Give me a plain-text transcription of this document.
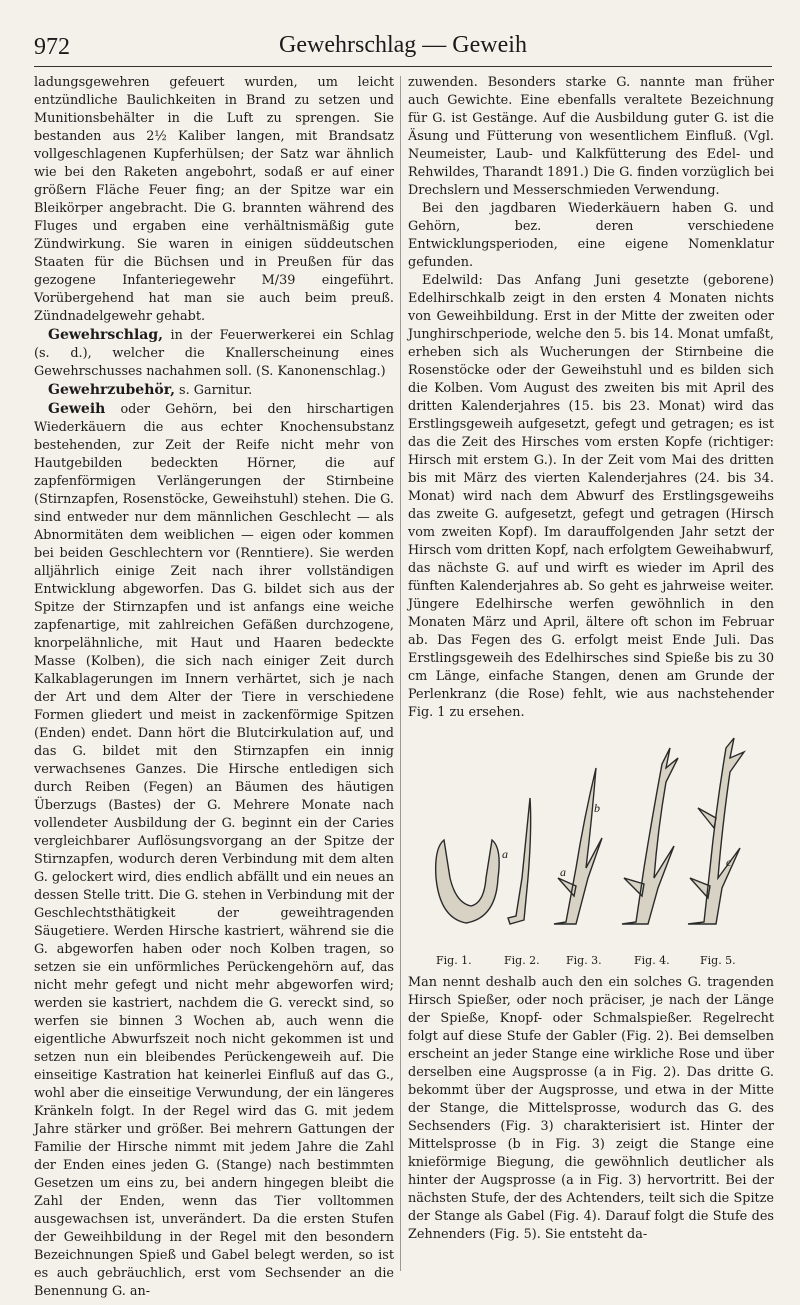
972	Gewehrschlag — Geweih

ladungsgewehren gefeuert wurden, um leicht entzündliche Baulichkeiten in Brand zu setzen und Munitionsbehälter in die Luft zu sprengen. Sie bestanden aus 2½ Kaliber langen, mit Brandsatz vollgeschlagenen Kupferhülsen; der Satz war ähnlich wie bei den Raketen angebohrt, sodaß er auf einer größern Fläche Feuer fing; an der Spitze war ein Bleikörper angebracht. Die G. brannten während des Fluges und ergaben eine verhältnismäßig gute Zündwirkung. Sie waren in einigen süddeutschen Staaten für die Büchsen und in Preußen für das gezogene Infanteriegewehr M/39 eingeführt. Vorübergehend hat man sie auch beim preuß. Zündnadelgewehr gehabt.

Gewehrschlag, in der Feuerwerkerei ein Schlag (s. d.), welcher die Knallerscheinung eines Gewehrschusses nachahmen soll. (S. Kanonenschlag.)

Gewehrzubehör, s. Garnitur.

Geweih oder Gehörn, bei den hirschartigen Wiederkäuern die aus echter Knochensubstanz bestehenden, zur Zeit der Reife nicht mehr von Hautgebilden bedeckten Hörner, die auf zapfenförmigen Verlängerungen der Stirnbeine (Stirnzapfen, Rosenstöcke, Geweihstuhl) stehen. Die G. sind entweder nur dem männlichen Geschlecht — als Abnormitäten dem weiblichen — eigen oder kommen bei beiden Geschlechtern vor (Renntiere). Sie werden alljährlich einige Zeit nach ihrer vollständigen Entwicklung abgeworfen. Das G. bildet sich aus der Spitze der Stirnzapfen und ist anfangs eine weiche zapfenartige, mit zahlreichen Gefäßen durchzogene, knorpelähnliche, mit Haut und Haaren bedeckte Masse (Kolben), die sich nach einiger Zeit durch Kalkablagerungen im Innern verhärtet, sich je nach der Art und dem Alter der Tiere in verschiedene Formen gliedert und meist in zackenförmige Spitzen (Enden) endet. Dann hört die Blutcirkulation auf, und das G. bildet mit den Stirnzapfen ein innig verwachsenes Ganzes. Die Hirsche entledigen sich durch Reiben (Fegen) an Bäumen des häutigen Überzugs (Bastes) der G. Mehrere Monate nach vollendeter Ausbildung der G. beginnt ein der Caries vergleichbarer Auflösungsvorgang an der Spitze der Stirnzapfen, wodurch deren Verbindung mit dem alten G. gelockert wird, dies endlich abfällt und ein neues an dessen Stelle tritt. Die G. stehen in Verbindung mit der Geschlechtsthätigkeit der geweihtragenden Säugetiere. Werden Hirsche kastriert, während sie die G. abgeworfen haben oder noch Kolben tragen, so setzen sie ein unförmliches Perückengehörn auf, das nicht mehr gefegt und nicht mehr abgeworfen wird; werden sie kastriert, nachdem die G. vereckt sind, so werfen sie binnen 3 Wochen ab, auch wenn die eigentliche Abwurfszeit noch nicht gekommen ist und setzen nun ein bleibendes Perückengeweih auf. Die einseitige Kastration hat keinerlei Einfluß auf das G., wohl aber die einseitige Verwundung, der ein längeres Kränkeln folgt. In der Regel wird das G. mit jedem Jahre stärker und größer. Bei mehrern Gattungen der Familie der Hirsche nimmt mit jedem Jahre die Zahl der Enden eines jeden G. (Stange) nach bestimmten Gesetzen um eins zu, bei andern hingegen bleibt die Zahl der Enden, wenn das Tier volltommen ausgewachsen ist, unverändert. Da die ersten Stufen der Geweihbildung in der Regel mit den besondern Bezeichnungen Spieß und Gabel belegt werden, so ist es auch gebräuchlich, erst vom Sechsender an die Benennung G. an-

zuwenden. Besonders starke G. nannte man früher auch Gewichte. Eine ebenfalls veraltete Bezeichnung für G. ist Gestänge. Auf die Ausbildung guter G. ist die Äsung und Fütterung von wesentlichem Einfluß. (Vgl. Neumeister, Laub- und Kalkfütterung des Edel- und Rehwildes, Tharandt 1891.) Die G. finden vorzüglich bei Drechslern und Messerschmieden Verwendung.

Bei den jagdbaren Wiederkäuern haben G. und Gehörn, bez. deren verschiedene Entwicklungsperioden, eine eigene Nomenklatur gefunden.

Edelwild: Das Anfang Juni gesetzte (geborene) Edelhirschkalb zeigt in den ersten 4 Monaten nichts von Geweihbildung. Erst in der Mitte der zweiten oder Junghirschperiode, welche den 5. bis 14. Monat umfaßt, erheben sich als Wucherungen der Stirnbeine die Rosenstöcke oder der Geweihstuhl und es bilden sich die Kolben. Vom August des zweiten bis mit April des dritten Kalenderjahres (15. bis 23. Monat) wird das Erstlingsgeweih aufgesetzt, gefegt und getragen; es ist das die Zeit des Hirsches vom ersten Kopfe (richtiger: Hirsch mit erstem G.). In der Zeit vom Mai des dritten bis mit März des vierten Kalenderjahres (24. bis 34. Monat) wird nach dem Abwurf des Erstlingsgeweihs das zweite G. aufgesetzt, gefegt und getragen (Hirsch vom zweiten Kopf). Im darauffolgenden Jahr setzt der Hirsch vom dritten Kopf, nach erfolgtem Geweihabwurf, das nächste G. auf und wirft es wieder im April des fünften Kalenderjahres ab. So geht es jahrweise weiter. Jüngere Edelhirsche werfen gewöhnlich in den Monaten März und April, ältere oft schon im Februar ab. Das Fegen des G. erfolgt meist Ende Juli. Das Erstlingsgeweih des Edelhirsches sind Spieße bis zu 30 cm Länge, einfache Stangen, denen am Grunde der Perlenkranz (die Rose) fehlt, wie aus nachstehender Fig. 1 zu ersehen.

a
b
a
c
Fig. 1.	Fig. 2. Fig. 3.	Fig. 4.	Fig. 5.

Man nennt deshalb auch den ein solches G. tragenden Hirsch Spießer, oder noch präciser, je nach der Länge der Spieße, Knopf- oder Schmalspießer. Regelrecht folgt auf diese Stufe der Gabler (Fig. 2). Bei demselben erscheint an jeder Stange eine wirkliche Rose und über derselben eine Augsprosse (a in Fig. 2). Das dritte G. bekommt über der Augsprosse, und etwa in der Mitte der Stange, die Mittelsprosse, wodurch das G. des Sechsenders (Fig. 3) charakterisiert ist. Hinter der Mittelsprosse (b in Fig. 3) zeigt die Stange eine knieförmige Biegung, die gewöhnlich deutlicher als hinter der Augsprosse (a in Fig. 3) hervortritt. Bei der nächsten Stufe, der des Achtenders, teilt sich die Spitze der Stange als Gabel (Fig. 4). Darauf folgt die Stufe des Zehnenders (Fig. 5). Sie entsteht da-
